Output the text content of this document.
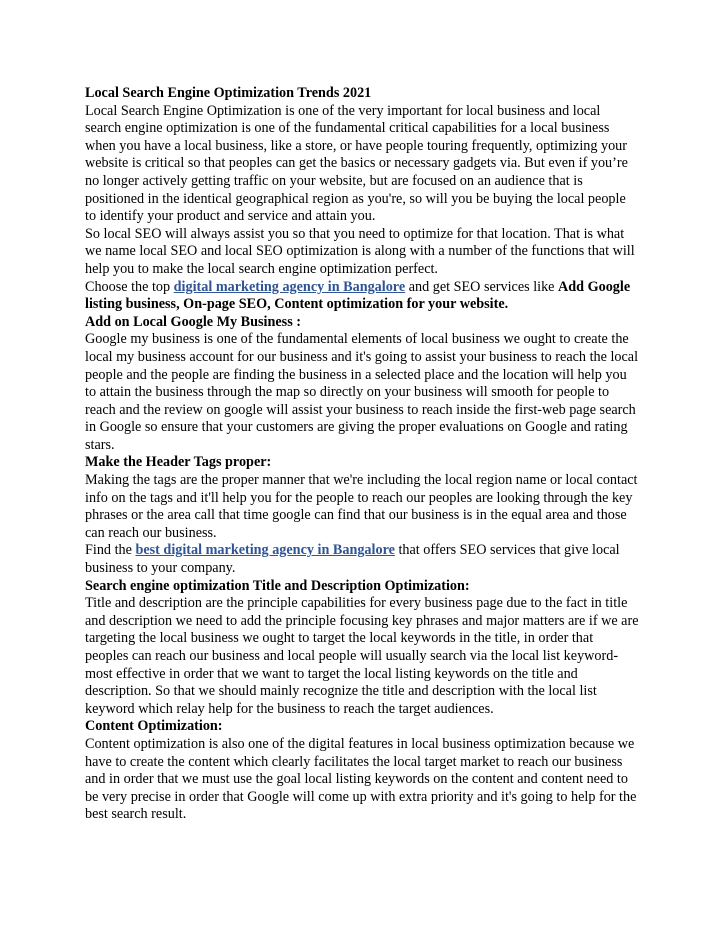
Local Search Engine Optimization Trends 2021

Local Search Engine Optimization is one of the very important for local business and local search engine optimization is one of the fundamental critical capabilities for a local business when you have a local business, like a store, or have people touring frequently, optimizing your website is critical so that peoples can get the basics or necessary gadgets via. But even if you’re no longer actively getting traffic on your website, but are focused on an audience that is positioned in the identical geographical region as you're, so will you be buying the local people to identify your product and service and attain you.

So local SEO will always assist you so that you need to optimize for that location. That is what we name local SEO and local SEO optimization is along with a number of the functions that will help you to make the local search engine optimization perfect.

Choose the top digital marketing agency in Bangalore and get SEO services like Add Google listing business, On-page SEO, Content optimization for your website.

Add on Local Google My Business :

Google my business is one of the fundamental elements of local business we ought to create the local my business account for our business and it's going to assist your business to reach the local people and the people are finding the business in a selected place and the location will help you to attain the business through the map so directly on your business will smooth for people to reach and the review on google will assist your business to reach inside the first-web page search in Google so ensure that your customers are giving the proper evaluations on Google and rating stars.

Make the Header Tags proper:

Making the tags are the proper manner that we're including the local region name or local contact info on the tags and it'll help you for the people to reach our peoples are looking through the key phrases or the area call that time google can find that our business is in the equal area and those can reach our business.

Find the best digital marketing agency in Bangalore that offers SEO services that give local business to your company.

Search engine optimization Title and Description Optimization:

Title and description are the principle capabilities for every business page due to the fact in title and description we need to add the principle focusing key phrases and major matters are if we are targeting the local business we ought to target the local keywords in the title, in order that peoples can reach our business and local people will usually search via the local list keyword-most effective in order that we want to target the local listing keywords on the title and description. So that we should mainly recognize the title and description with the local list keyword which relay help for the business to reach the target audiences.

Content Optimization:

Content optimization is also one of the digital features in local business optimization because we have to create the content which clearly facilitates the local target market to reach our business and in order that we must use the goal local listing keywords on the content and content need to be very precise in order that Google will come up with extra priority and it's going to help for the best search result.
